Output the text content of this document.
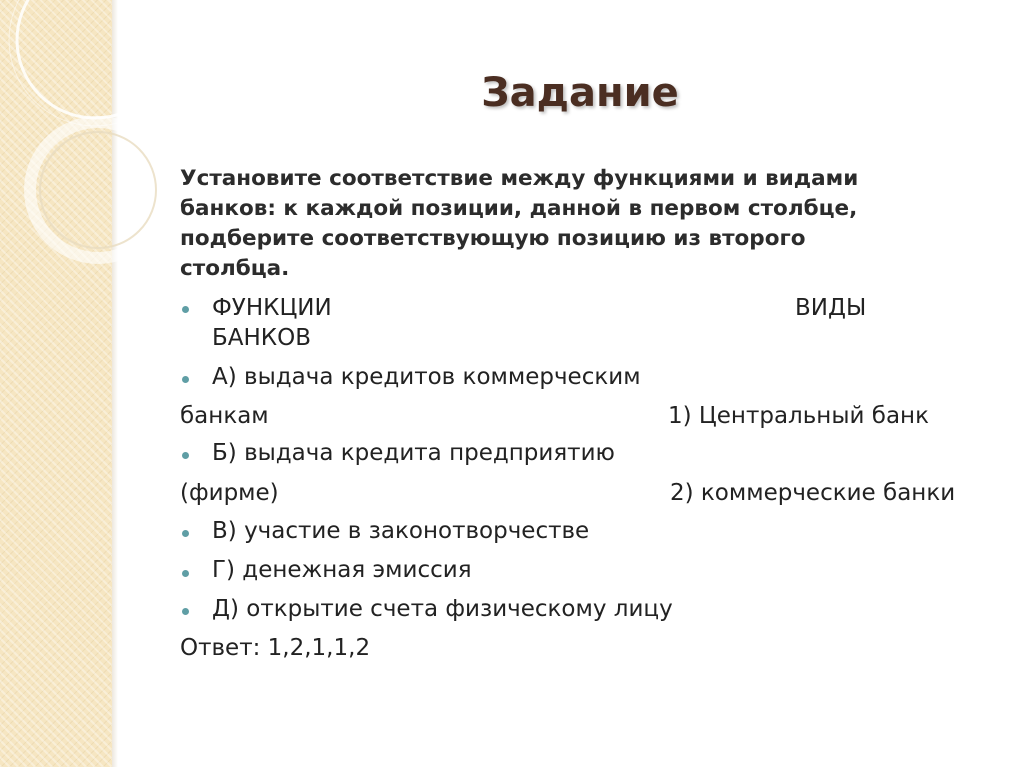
Задание
Установите соответствие между функциями и видами
банков: к каждой позиции, данной в первом столбце,
подберите соответствующую позицию из второго
столбца.
ФУНКЦИИ	ВИДЫ
БАНКОВ
А) выдача кредитов коммерческим
банкам	1) Центральный банк
Б) выдача кредита предприятию
(фирме)	2) коммерческие банки
В) участие в законотворчестве
Г) денежная эмиссия
Д) открытие счета физическому лицу
Ответ: 1,2,1,1,2
